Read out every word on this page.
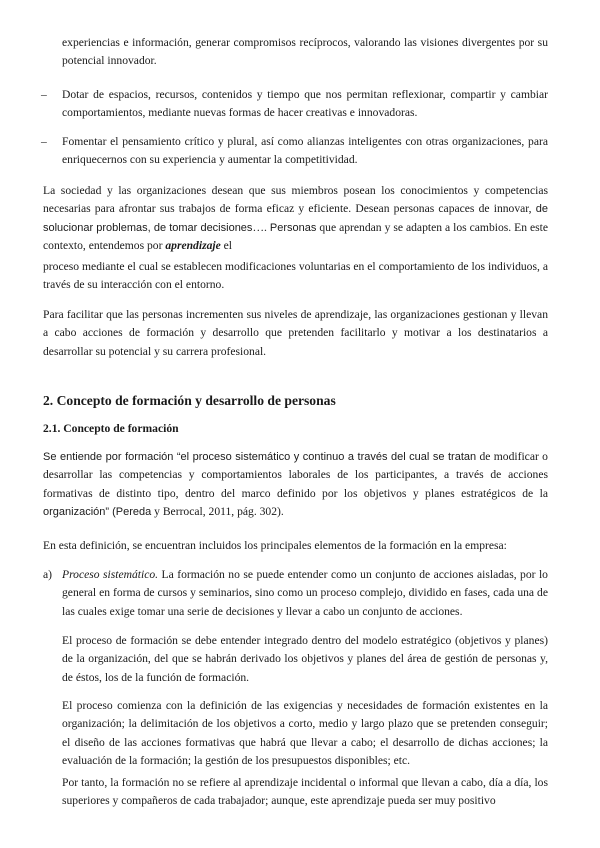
experiencias e información, generar compromisos recíprocos, valorando las visiones divergentes por su potencial innovador.

– Dotar de espacios, recursos, contenidos y tiempo que nos permitan reflexionar, compartir y cambiar comportamientos, mediante nuevas formas de hacer creativas e innovadoras.

– Fomentar el pensamiento crítico y plural, así como alianzas inteligentes con otras organizaciones, para enriquecernos con su experiencia y aumentar la competitividad.

La sociedad y las organizaciones desean que sus miembros posean los conocimientos y competencias necesarias para afrontar sus trabajos de forma eficaz y eficiente. Desean personas capaces de innovar, de solucionar problemas, de tomar decisiones…. Personas que aprendan y se adapten a los cambios. En este contexto, entendemos por aprendizaje el

proceso mediante el cual se establecen modificaciones voluntarias en el comportamiento de los individuos, a través de su interacción con el entorno.

Para facilitar que las personas incrementen sus niveles de aprendizaje, las organizaciones gestionan y llevan a cabo acciones de formación y desarrollo que pretenden facilitarlo y motivar a los destinatarios a desarrollar su potencial y su carrera profesional.

2. Concepto de formación y desarrollo de personas
2.1. Concepto de formación

Se entiende por formación “el proceso sistemático y continuo a través del cual se tratan de modificar o desarrollar las competencias y comportamientos laborales de los participantes, a través de acciones formativas de distinto tipo, dentro del marco definido por los objetivos y planes estratégicos de la organización” (Pereda y Berrocal, 2011, pág. 302).

En esta definición, se encuentran incluidos los principales elementos de la formación en la empresa:

a) Proceso sistemático. La formación no se puede entender como un conjunto de acciones aisladas, por lo general en forma de cursos y seminarios, sino como un proceso complejo, dividido en fases, cada una de las cuales exige tomar una serie de decisiones y llevar a cabo un conjunto de acciones.

El proceso de formación se debe entender integrado dentro del modelo estratégico (objetivos y planes) de la organización, del que se habrán derivado los objetivos y planes del área de gestión de personas y, de éstos, los de la función de formación.

El proceso comienza con la definición de las exigencias y necesidades de formación existentes en la organización; la delimitación de los objetivos a corto, medio y largo plazo que se pretenden conseguir; el diseño de las acciones formativas que habrá que llevar a cabo; el desarrollo de dichas acciones; la evaluación de la formación; la gestión de los presupuestos disponibles; etc.

Por tanto, la formación no se refiere al aprendizaje incidental o informal que llevan a cabo, día a día, los superiores y compañeros de cada trabajador; aunque, este aprendizaje pueda ser muy positivo
